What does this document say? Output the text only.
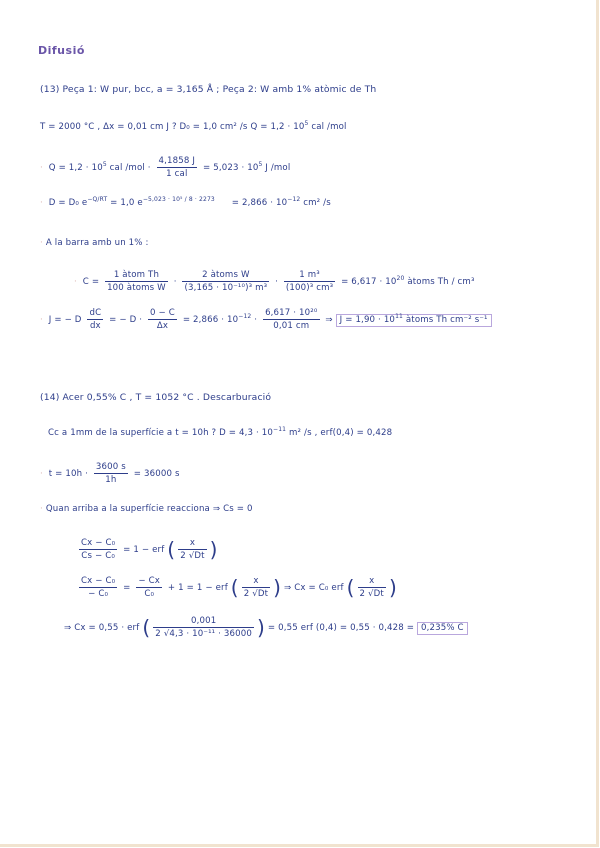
Difusió
(13) Peça 1: W pur, bcc, a = 3,165 Å ; Peça 2: W amb 1% atòmic de Th
T = 2000 °C , Δx = 0,01 cm J ? D₀ = 1,0 cm² /s $Q = 1,2 \cdot 10^5$ cal /mol
· $Q = 1,2 \cdot 10^5$ cal $/mol \cdot \frac{4,1858 J}{\text{1 cal}} = 5,023 \cdot 10^5$ J /mol
· D = D₀ $e^{-Q/RT} = 1,0$ $e^{-5,023 \cdot 10^5 / 8 \cdot 2273} = 2,866 \cdot 10^{-12}$ cm² /s
· A la barra amb un 1% :
· $C = \frac{\text{1 àtom Th}}{\text{100 àtoms W}} \cdot \frac{\text{2 àtoms W}}{\text{(3,165 · 10⁻¹⁰)³ m³}} \cdot \frac{\text{1 m³}}{\text{(100)³ cm³}} = 6,617 \cdot 10^{20}$ àtoms Th / cm³
· J = − D $\frac{dC}{dx}$ = − $D \cdot \frac{0 - C}{\Delta x} = 2,866 \cdot 10^{-12} \cdot \frac{\text{6,617 · 10²⁰}}{0,01 cm}$ ⇒ $J = 1,90 \cdot 10^{11}$ àtoms Th cm⁻² s⁻¹
(14) Acer 0,55% C , T = 1052 °C . Descarburació
Cc a 1mm de la superfície a t = 10h ? $D = 4,3 \cdot 10^{-11}$ m² /s , erf(0,4) = 0,428
· $t = 10h \cdot \frac{3600 s}{1h} = 36000$ s
· Quan arriba a la superfície reacciona ⇒ Cs = 0
$\frac{\text{Cx − C₀}}{\text{Cs − C₀}} = 1$ − erf ( $\frac{x}{2 √Dt}$ )
$\frac{\text{Cx − C₀}}{\text{− C₀}} = \frac{- Cx}{\text{C₀}} + 1 = 1$ − erf ( $\frac{x}{2 √Dt}$ ) ⇒ Cx = C₀ erf ( $\frac{x}{2 √Dt}$ )
⇒ Cx = 0,55 · erf ( $\frac{0,001}{\text{2 √4,3 · 10⁻¹¹ · 36000}}$ ) = 0,55 erf (0,4) = 0,55 · 0,428 = 0,235% C
